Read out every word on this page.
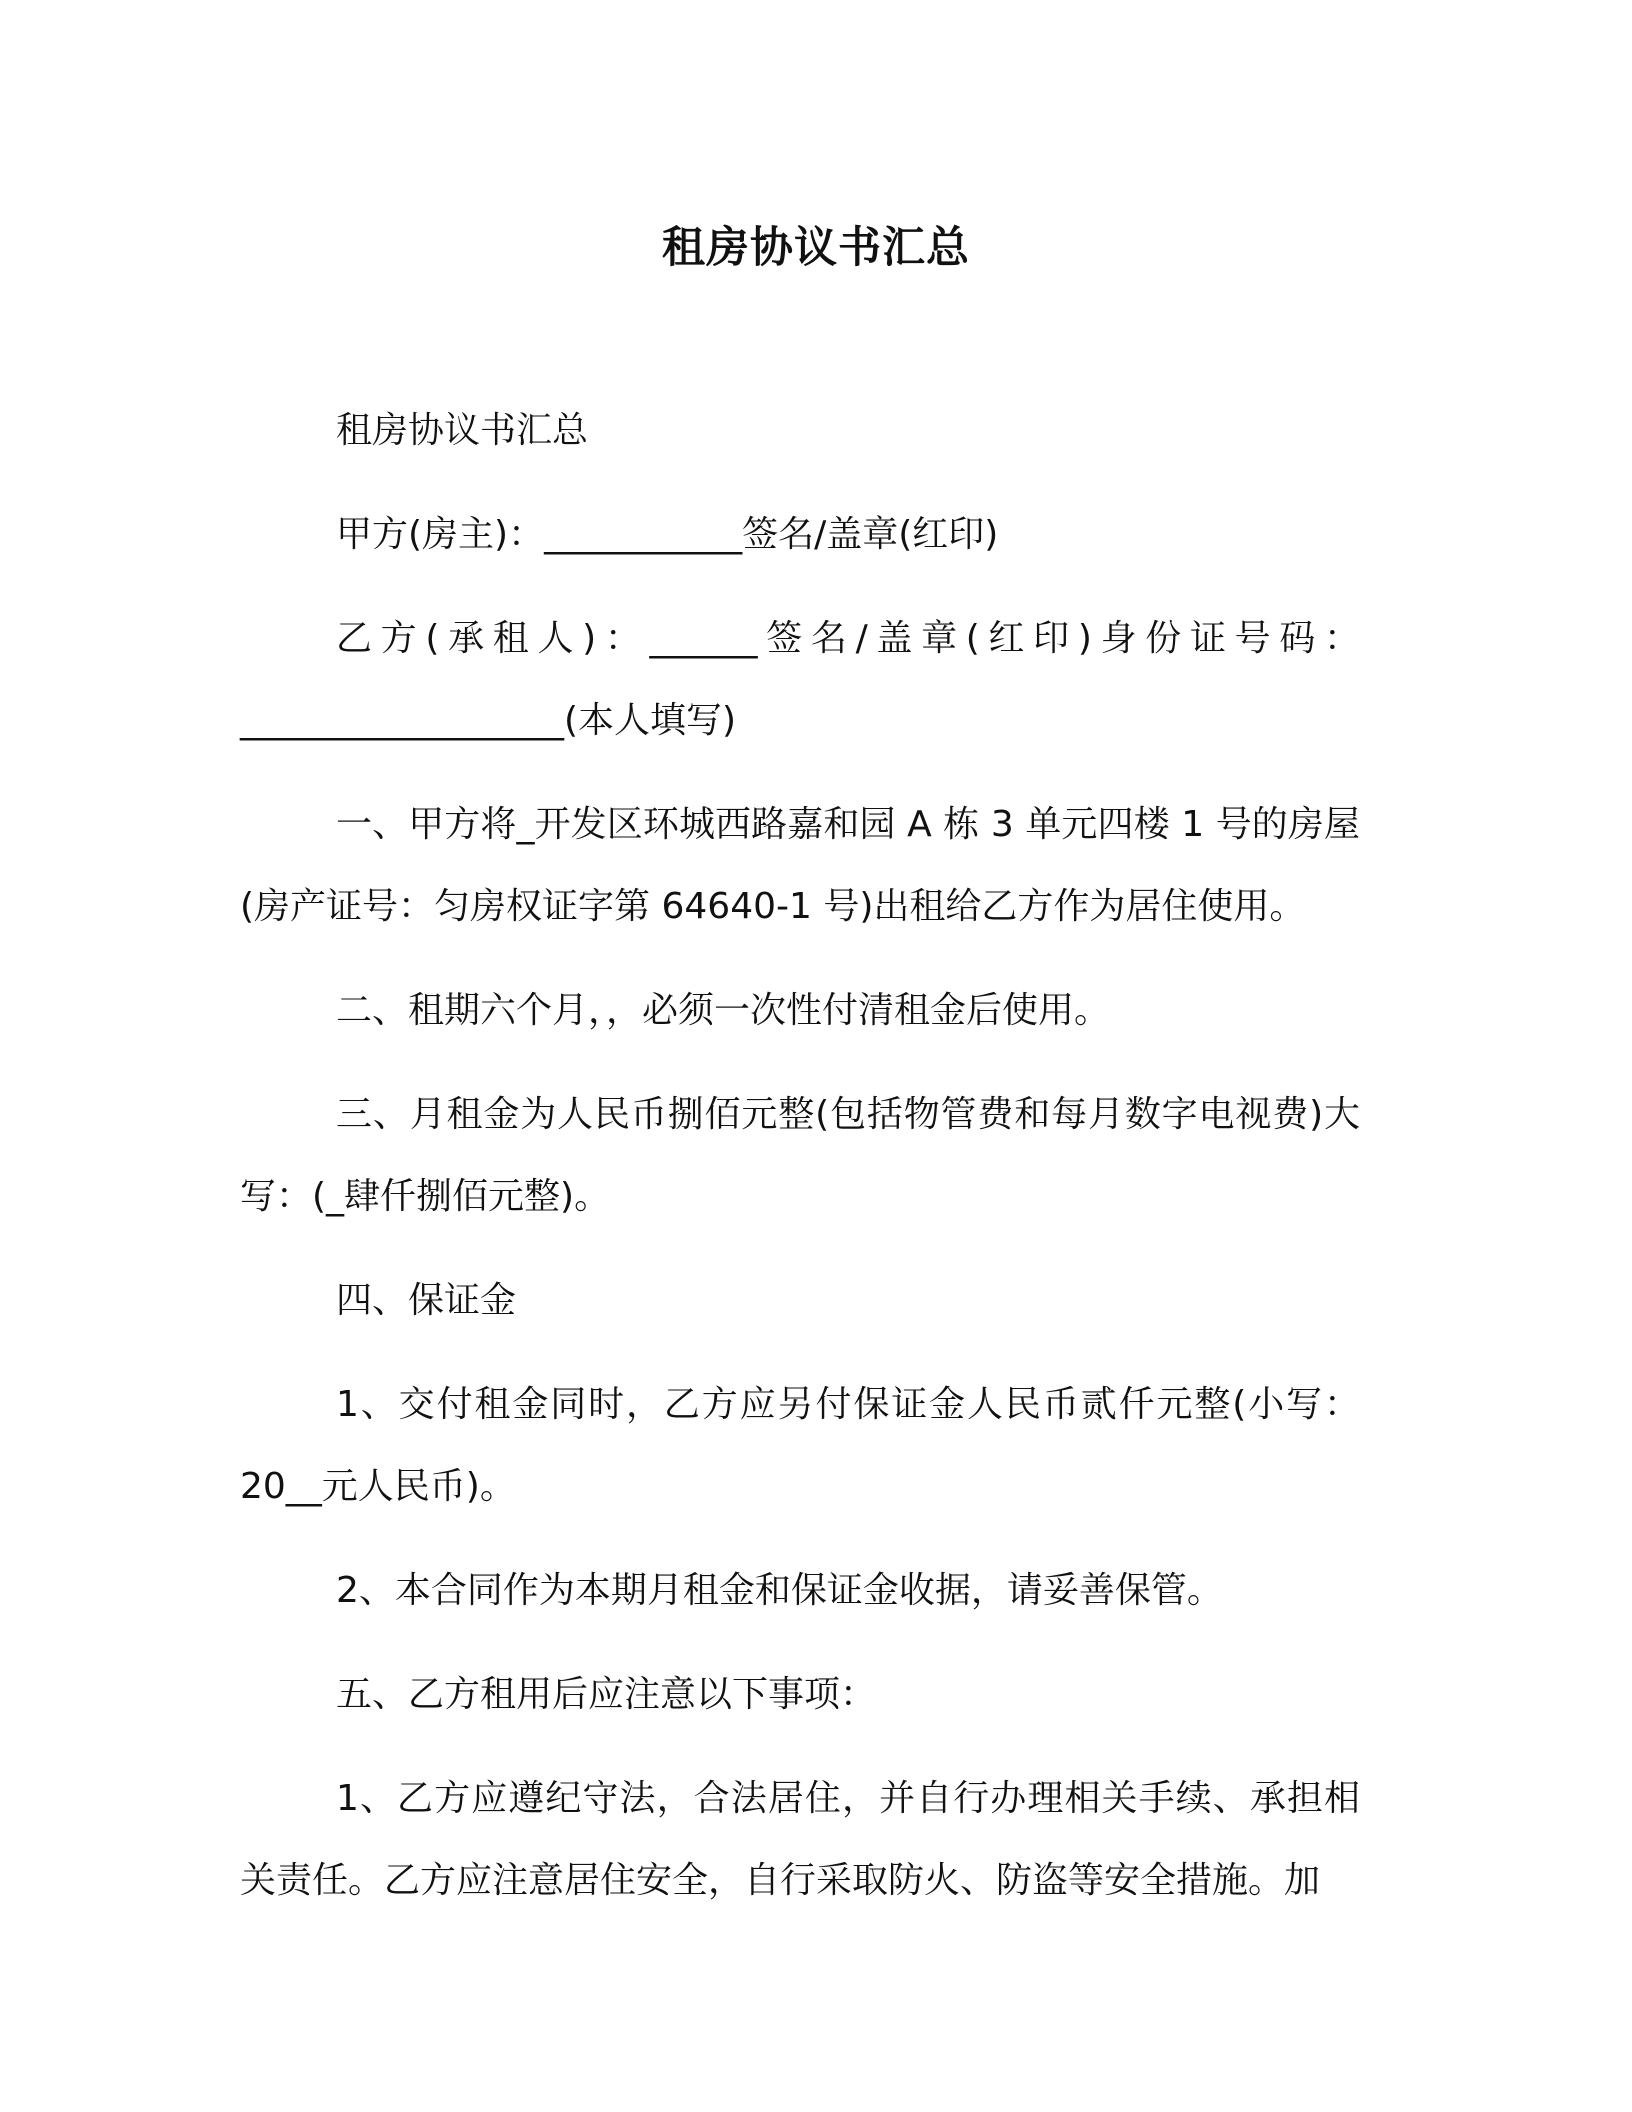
租房协议书汇总

租房协议书汇总

甲方(房主)：___________签名/盖章(红印)

乙方(承租人)：______签名/盖章(红印)身份证号码：__________________(本人填写)

一、甲方将_开发区环城西路嘉和园 A 栋 3 单元四楼 1 号的房屋(房产证号：匀房权证字第 64640-1 号)出租给乙方作为居住使用。

二、租期六个月，，必须一次性付清租金后使用。

三、月租金为人民币捌佰元整(包括物管费和每月数字电视费)大写：(_肆仟捌佰元整)。

四、保证金

1、交付租金同时，乙方应另付保证金人民币贰仟元整(小写：20__元人民币)。

2、本合同作为本期月租金和保证金收据，请妥善保管。

五、乙方租用后应注意以下事项：

1、乙方应遵纪守法，合法居住，并自行办理相关手续、承担相关责任。乙方应注意居住安全，自行采取防火、防盗等安全措施。加
